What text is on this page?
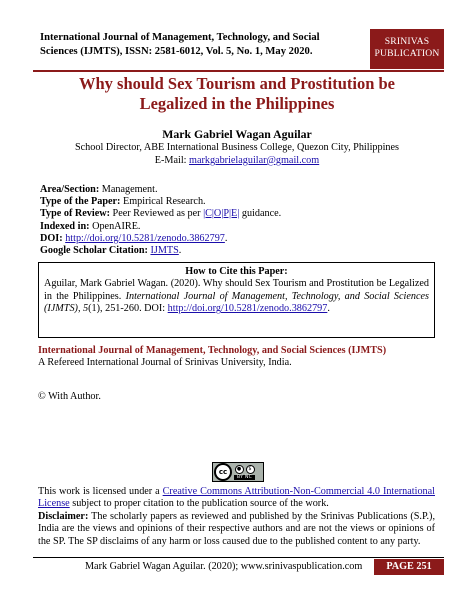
International Journal of Management, Technology, and Social
Sciences (IJMTS), ISSN: 2581-6012, Vol. 5, No. 1, May 2020.
SRINIVAS
PUBLICATION
Why should Sex Tourism and Prostitution be
Legalized in the Philippines
Mark Gabriel Wagan Aguilar
School Director, ABE International Business College, Quezon City, Philippines
E-Mail: markgabrielaguilar@gmail.com
Area/Section: Management.
Type of the Paper: Empirical Research.
Type of Review: Peer Reviewed as per |C|O|P|E| guidance.
Indexed in: OpenAIRE.
DOI: http://doi.org/10.5281/zenodo.3862797.
Google Scholar Citation: IJMTS.
How to Cite this Paper:
Aguilar, Mark Gabriel Wagan. (2020). Why should Sex Tourism and Prostitution be Legalized in the Philippines. International Journal of Management, Technology, and Social Sciences (IJMTS), 5(1), 251-260. DOI: http://doi.org/10.5281/zenodo.3862797.
International Journal of Management, Technology, and Social Sciences (IJMTS)
A Refereed International Journal of Srinivas University, India.
© With Author.
cc	●	$
BY NC
This work is licensed under a Creative Commons Attribution-Non-Commercial 4.0 International License subject to proper citation to the publication source of the work.
Disclaimer: The scholarly papers as reviewed and published by the Srinivas Publications (S.P.), India are the views and opinions of their respective authors and are not the views or opinions of the SP. The SP disclaims of any harm or loss caused due to the published content to any party.
Mark Gabriel Wagan Aguilar. (2020); www.srinivaspublication.com	PAGE 251
